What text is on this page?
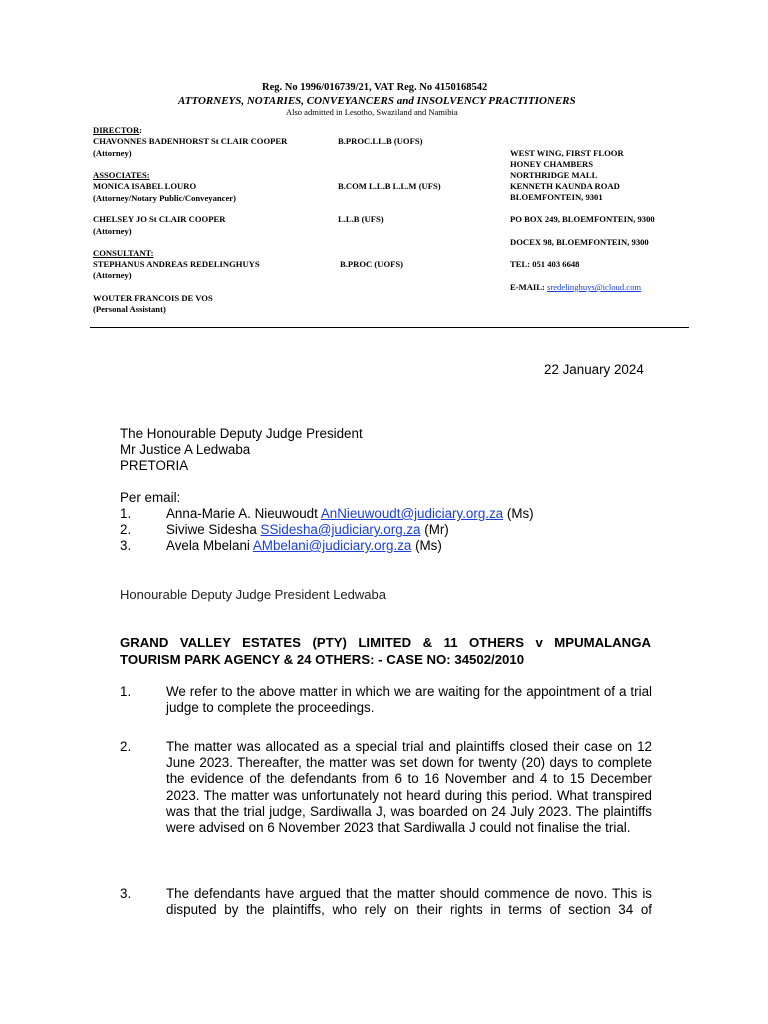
Reg. No 1996/016739/21, VAT Reg. No 4150168542
ATTORNEYS, NOTARIES, CONVEYANCERS and INSOLVENCY PRACTITIONERS
Also admitted in Lesotho, Swaziland and Namibia
DIRECTOR:
CHAVONNES BADENHORST St CLAIR COOPER	B.PROC.LL.B (UOFS)
(Attorney)
ASSOCIATES:
MONICA ISABEL LOURO	B.COM L.L.B L.L.M (UFS)
(Attorney/Notary Public/Conveyancer)
CHELSEY JO St CLAIR COOPER	L.L.B (UFS)
(Attorney)
CONSULTANT:
STEPHANUS ANDREAS REDELINGHUYS	B.PROC (UOFS)
(Attorney)
WOUTER FRANCOIS DE VOS
(Personal Assistant)
WEST WING, FIRST FLOOR
HONEY CHAMBERS
NORTHRIDGE MALL
KENNETH KAUNDA ROAD
BLOEMFONTEIN, 9301
PO BOX 249, BLOEMFONTEIN, 9300
DOCEX 98, BLOEMFONTEIN, 9300
TEL: 051 403 6648
E-MAIL: sredelinghuys@icloud.com
22 January 2024
The Honourable Deputy Judge President
Mr Justice A Ledwaba
PRETORIA
Per email:
1.	Anna-Marie A. Nieuwoudt AnNieuwoudt@judiciary.org.za (Ms)
2.	Siviwe Sidesha SSidesha@judiciary.org.za (Mr)
3.	Avela Mbelani AMbelani@judiciary.org.za (Ms)
Honourable Deputy Judge President Ledwaba
GRAND VALLEY ESTATES (PTY) LIMITED & 11 OTHERS v MPUMALANGA
TOURISM PARK AGENCY & 24 OTHERS: - CASE NO: 34502/2010
1.	We refer to the above matter in which we are waiting for the appointment of a trial judge to complete the proceedings.
2.	The matter was allocated as a special trial and plaintiffs closed their case on 12 June 2023. Thereafter, the matter was set down for twenty (20) days to complete the evidence of the defendants from 6 to 16 November and 4 to 15 December 2023. The matter was unfortunately not heard during this period. What transpired was that the trial judge, Sardiwalla J, was boarded on 24 July 2023. The plaintiffs were advised on 6 November 2023 that Sardiwalla J could not finalise the trial.
3.	The defendants have argued that the matter should commence de novo. This is disputed by the plaintiffs, who rely on their rights in terms of section 34 of
